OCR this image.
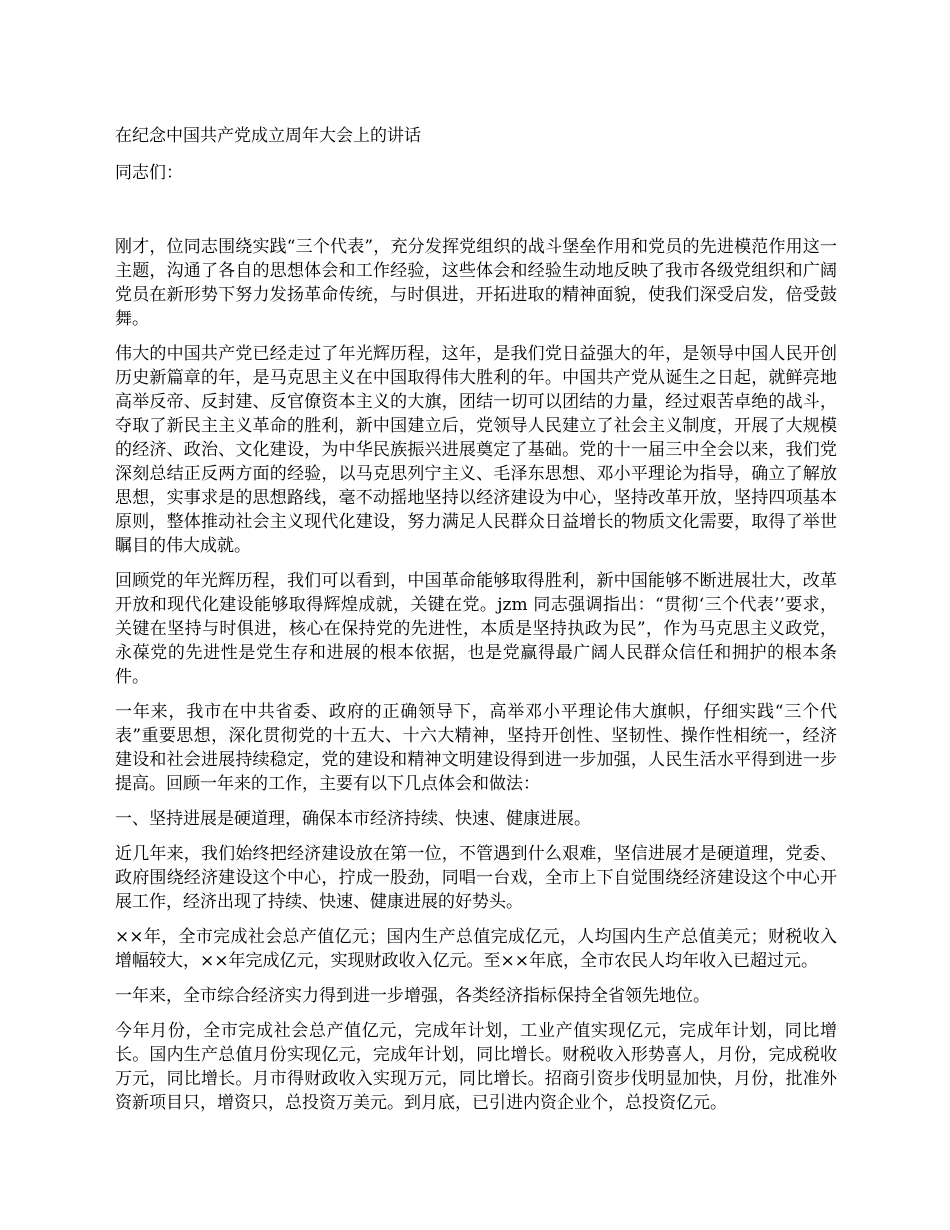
在纪念中国共产党成立周年大会上的讲话

同志们：

刚才，位同志围绕实践“三个代表”，充分发挥党组织的战斗堡垒作用和党员的先进模范作用这一主题，沟通了各自的思想体会和工作经验，这些体会和经验生动地反映了我市各级党组织和广阔党员在新形势下努力发扬革命传统，与时俱进，开拓进取的精神面貌，使我们深受启发，倍受鼓舞。

伟大的中国共产党已经走过了年光辉历程，这年，是我们党日益强大的年，是领导中国人民开创历史新篇章的年，是马克思主义在中国取得伟大胜利的年。中国共产党从诞生之日起，就鲜亮地高举反帝、反封建、反官僚资本主义的大旗，团结一切可以团结的力量，经过艰苦卓绝的战斗，夺取了新民主主义革命的胜利，新中国建立后，党领导人民建立了社会主义制度，开展了大规模的经济、政治、文化建设，为中华民族振兴进展奠定了基础。党的十一届三中全会以来，我们党深刻总结正反两方面的经验，以马克思列宁主义、毛泽东思想、邓小平理论为指导，确立了解放思想，实事求是的思想路线，毫不动摇地坚持以经济建设为中心，坚持改革开放，坚持四项基本原则，整体推动社会主义现代化建设，努力满足人民群众日益增长的物质文化需要，取得了举世瞩目的伟大成就。

回顾党的年光辉历程，我们可以看到，中国革命能够取得胜利，新中国能够不断进展壮大，改革开放和现代化建设能够取得辉煌成就，关键在党。jzm 同志强调指出：“贯彻‘三个代表’’要求，关键在坚持与时俱进，核心在保持党的先进性，本质是坚持执政为民”，作为马克思主义政党，永葆党的先进性是党生存和进展的根本依据，也是党赢得最广阔人民群众信任和拥护的根本条件。

一年来，我市在中共省委、政府的正确领导下，高举邓小平理论伟大旗帜，仔细实践“三个代表”重要思想，深化贯彻党的十五大、十六大精神，坚持开创性、坚韧性、操作性相统一，经济建设和社会进展持续稳定，党的建设和精神文明建设得到进一步加强，人民生活水平得到进一步提高。回顾一年来的工作，主要有以下几点体会和做法：

一、坚持进展是硬道理，确保本市经济持续、快速、健康进展。

近几年来，我们始终把经济建设放在第一位，不管遇到什么艰难，坚信进展才是硬道理，党委、政府围绕经济建设这个中心，拧成一股劲，同唱一台戏，全市上下自觉围绕经济建设这个中心开展工作，经济出现了持续、快速、健康进展的好势头。

××年，全市完成社会总产值亿元；国内生产总值完成亿元，人均国内生产总值美元；财税收入增幅较大，××年完成亿元，实现财政收入亿元。至××年底，全市农民人均年收入已超过元。

一年来，全市综合经济实力得到进一步增强，各类经济指标保持全省领先地位。

今年月份，全市完成社会总产值亿元，完成年计划，工业产值实现亿元，完成年计划，同比增长。国内生产总值月份实现亿元，完成年计划，同比增长。财税收入形势喜人，月份，完成税收万元，同比增长。月市得财政收入实现万元，同比增长。招商引资步伐明显加快，月份，批准外资新项目只，增资只，总投资万美元。到月底，已引进内资企业个，总投资亿元。
